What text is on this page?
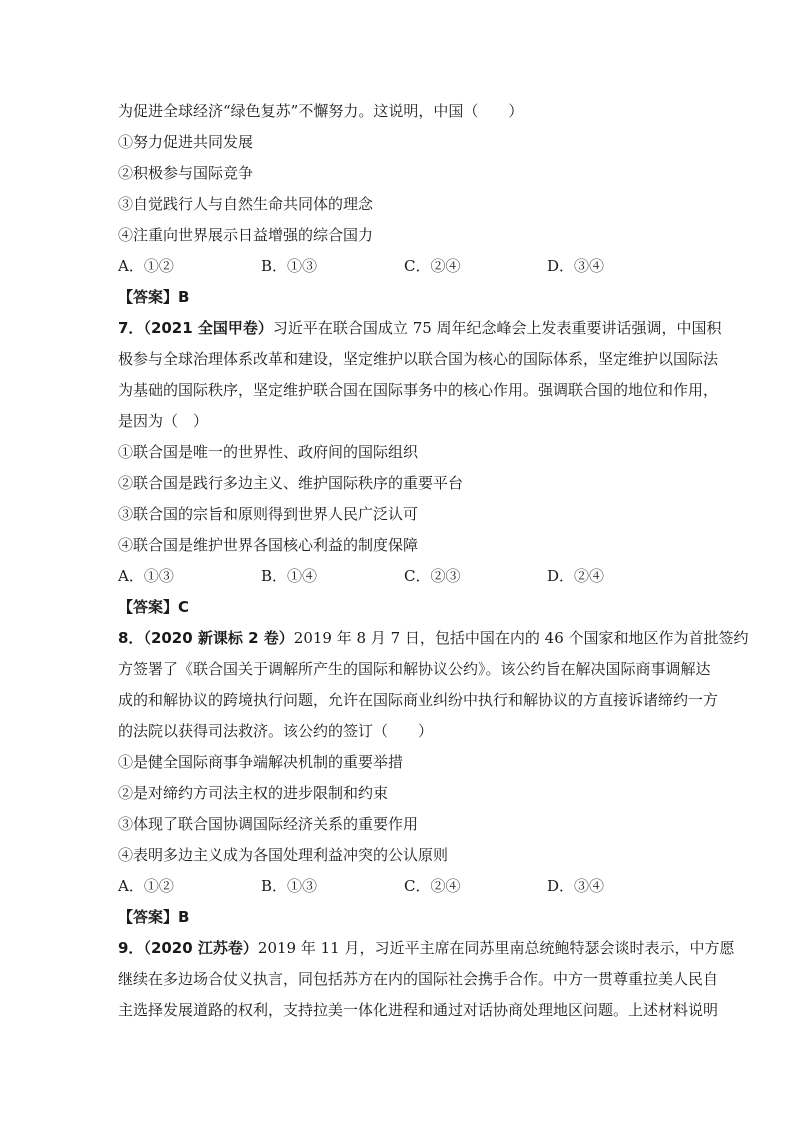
为促进全球经济“绿色复苏”不懈努力。这说明，中国（　　）
①努力促进共同发展
②积极参与国际竞争
③自觉践行人与自然生命共同体的理念
④注重向世界展示日益增强的综合国力
A．①②	B．①③	C．②④	D．③④
【答案】B
7．（2021 全国甲卷）习近平在联合国成立 75 周年纪念峰会上发表重要讲话强调，中国积
极参与全球治理体系改革和建设，坚定维护以联合国为核心的国际体系，坚定维护以国际法
为基础的国际秩序，坚定维护联合国在国际事务中的核心作用。强调联合国的地位和作用，
是因为（　）
①联合国是唯一的世界性、政府间的国际组织
②联合国是践行多边主义、维护国际秩序的重要平台
③联合国的宗旨和原则得到世界人民广泛认可
④联合国是维护世界各国核心利益的制度保障
A．①③	B．①④	C．②③	D．②④
【答案】C
8．（2020 新课标 2 卷）2019 年 8 月 7 日，包括中国在内的 46 个国家和地区作为首批签约
方签署了《联合国关于调解所产生的国际和解协议公约》。该公约旨在解决国际商事调解达
成的和解协议的跨境执行问题，允许在国际商业纠纷中执行和解协议的方直接诉诸缔约一方
的法院以获得司法救济。该公约的签订（　　）
①是健全国际商事争端解决机制的重要举措
②是对缔约方司法主权的进步限制和约束
③体现了联合国协调国际经济关系的重要作用
④表明多边主义成为各国处理利益冲突的公认原则
A．①②	B．①③	C．②④	D．③④
【答案】B
9．（2020 江苏卷）2019 年 11 月，习近平主席在同苏里南总统鲍特瑟会谈时表示，中方愿
继续在多边场合仗义执言，同包括苏方在内的国际社会携手合作。中方一贯尊重拉美人民自
主选择发展道路的权利，支持拉美一体化进程和通过对话协商处理地区问题。上述材料说明
